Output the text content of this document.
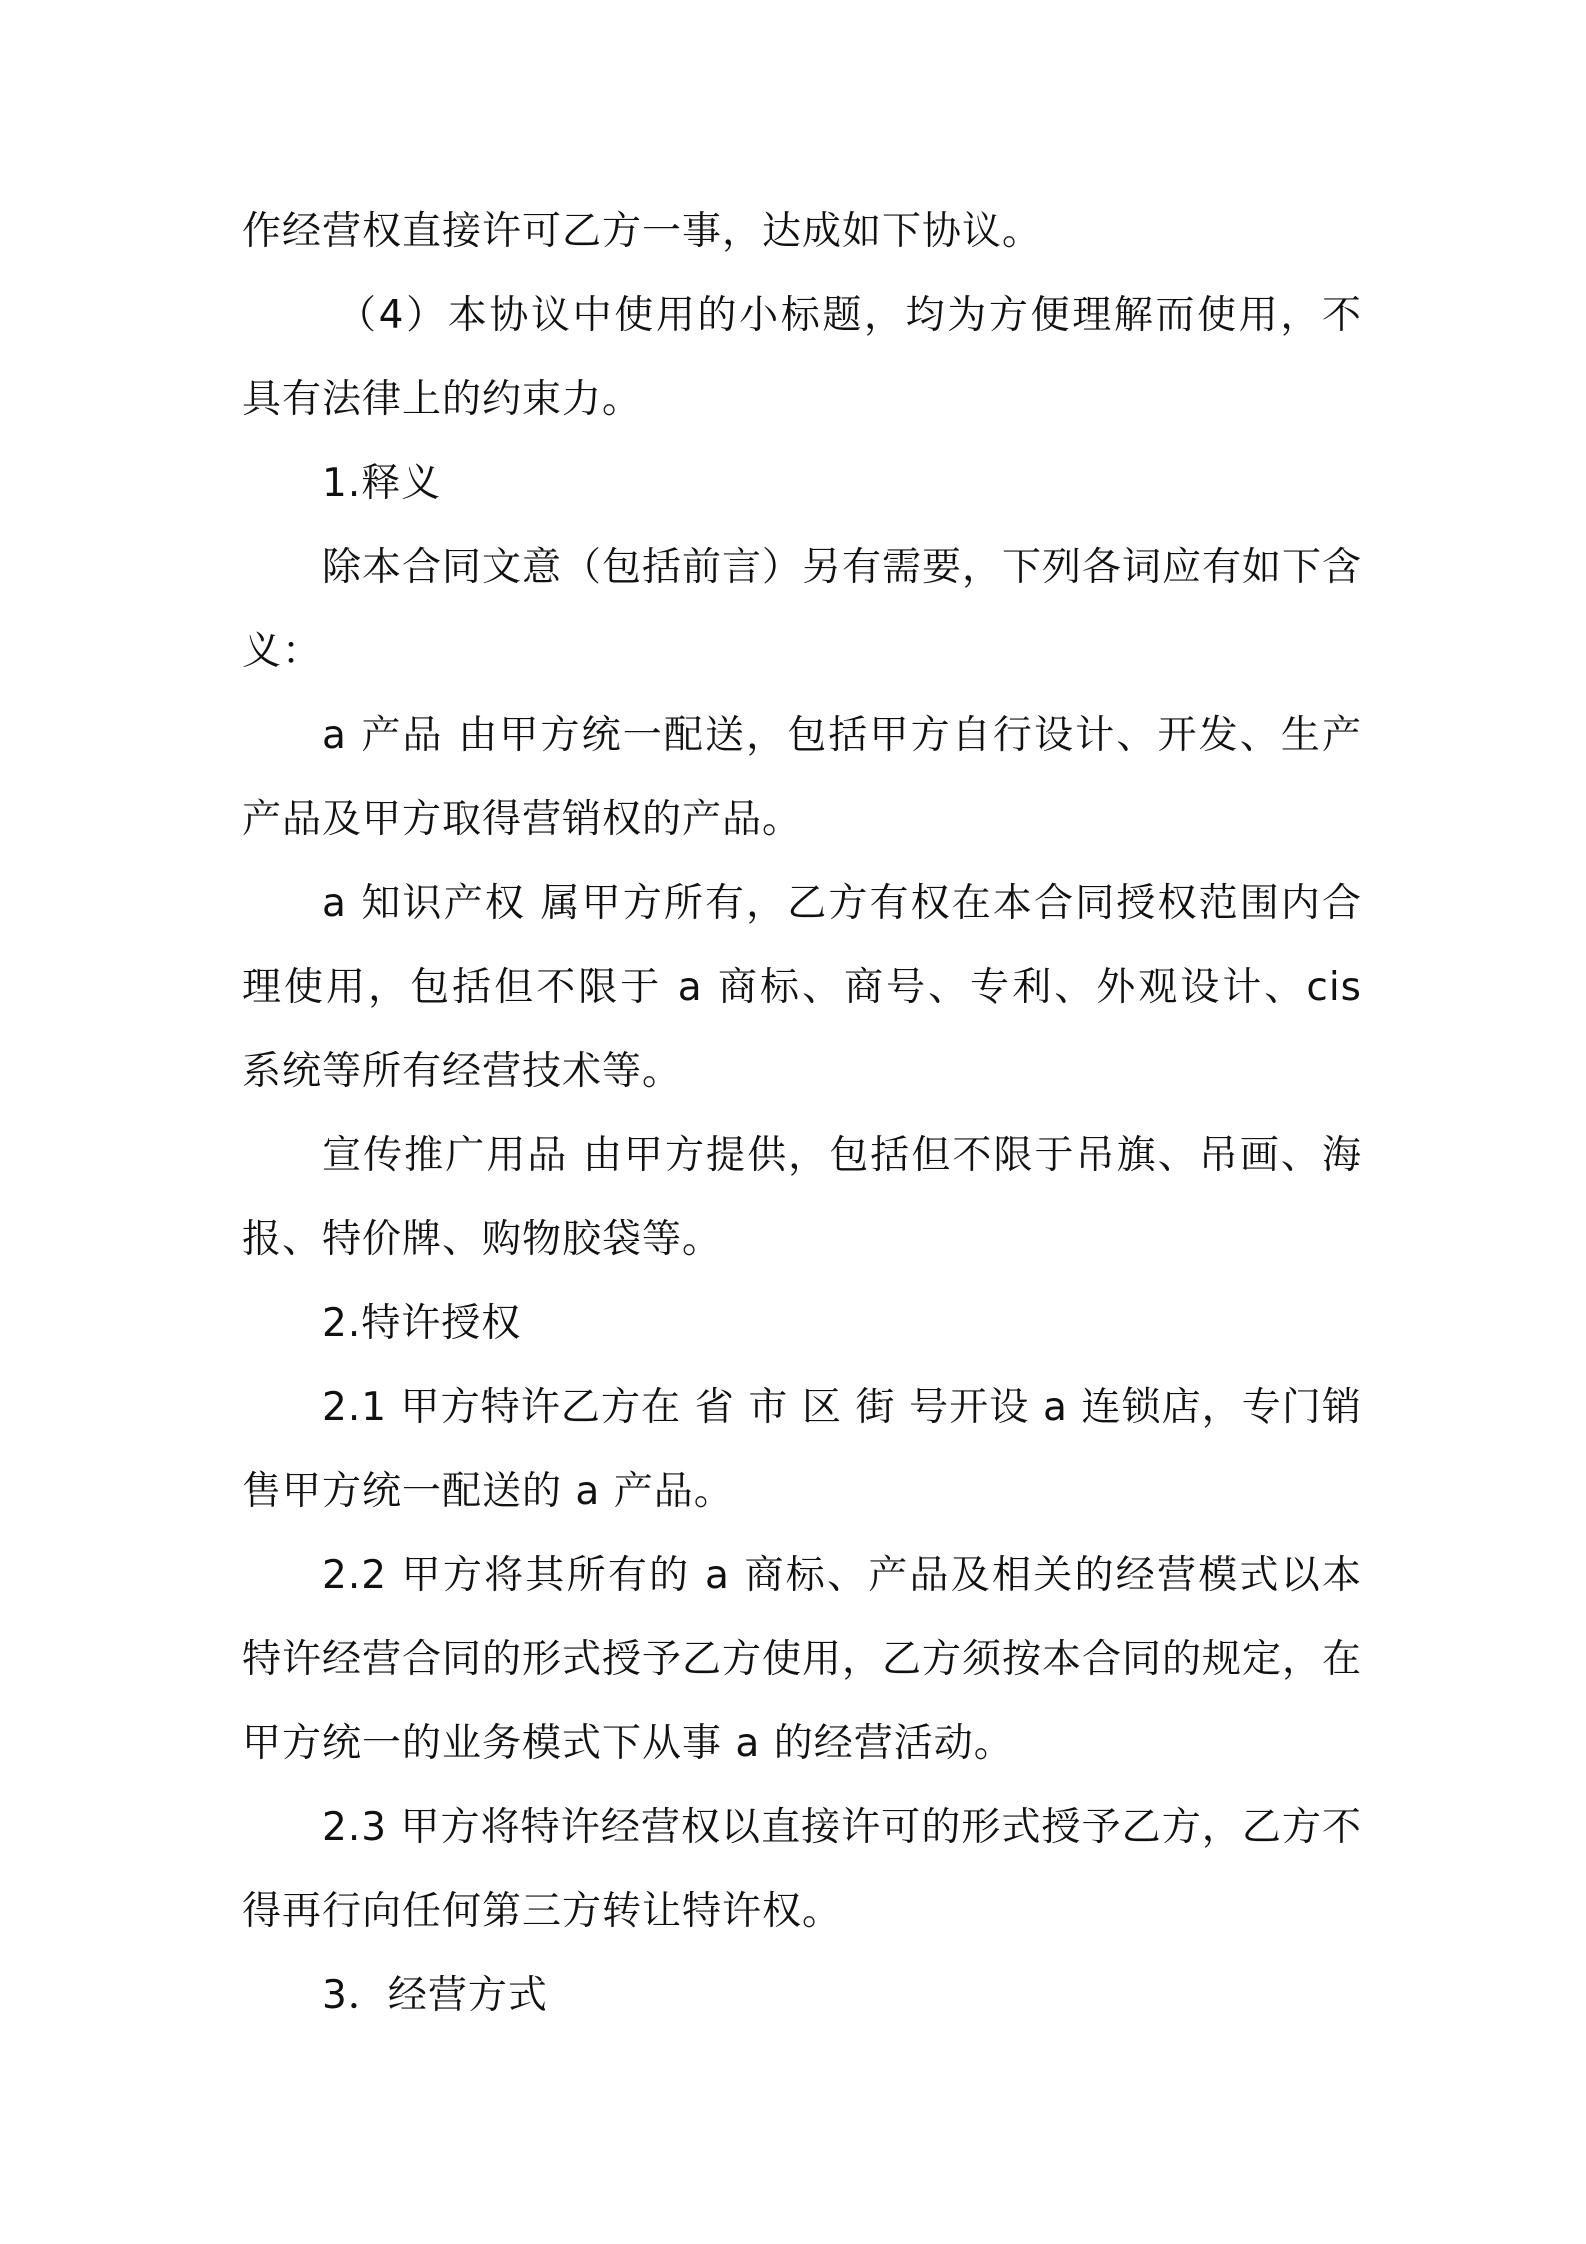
作经营权直接许可乙方一事，达成如下协议。

（4）本协议中使用的小标题，均为方便理解而使用，不具有法律上的约束力。

1.释义

除本合同文意（包括前言）另有需要，下列各词应有如下含义：

a 产品 由甲方统一配送，包括甲方自行设计、开发、生产产品及甲方取得营销权的产品。

a 知识产权 属甲方所有，乙方有权在本合同授权范围内合理使用，包括但不限于 a 商标、商号、专利、外观设计、cis 系统等所有经营技术等。

宣传推广用品 由甲方提供，包括但不限于吊旗、吊画、海报、特价牌、购物胶袋等。

2.特许授权

2.1 甲方特许乙方在 省 市 区 街 号开设 a 连锁店，专门销售甲方统一配送的 a 产品。

2.2 甲方将其所有的 a 商标、产品及相关的经营模式以本特许经营合同的形式授予乙方使用，乙方须按本合同的规定，在甲方统一的业务模式下从事 a 的经营活动。

2.3 甲方将特许经营权以直接许可的形式授予乙方，乙方不得再行向任何第三方转让特许权。

3．经营方式
